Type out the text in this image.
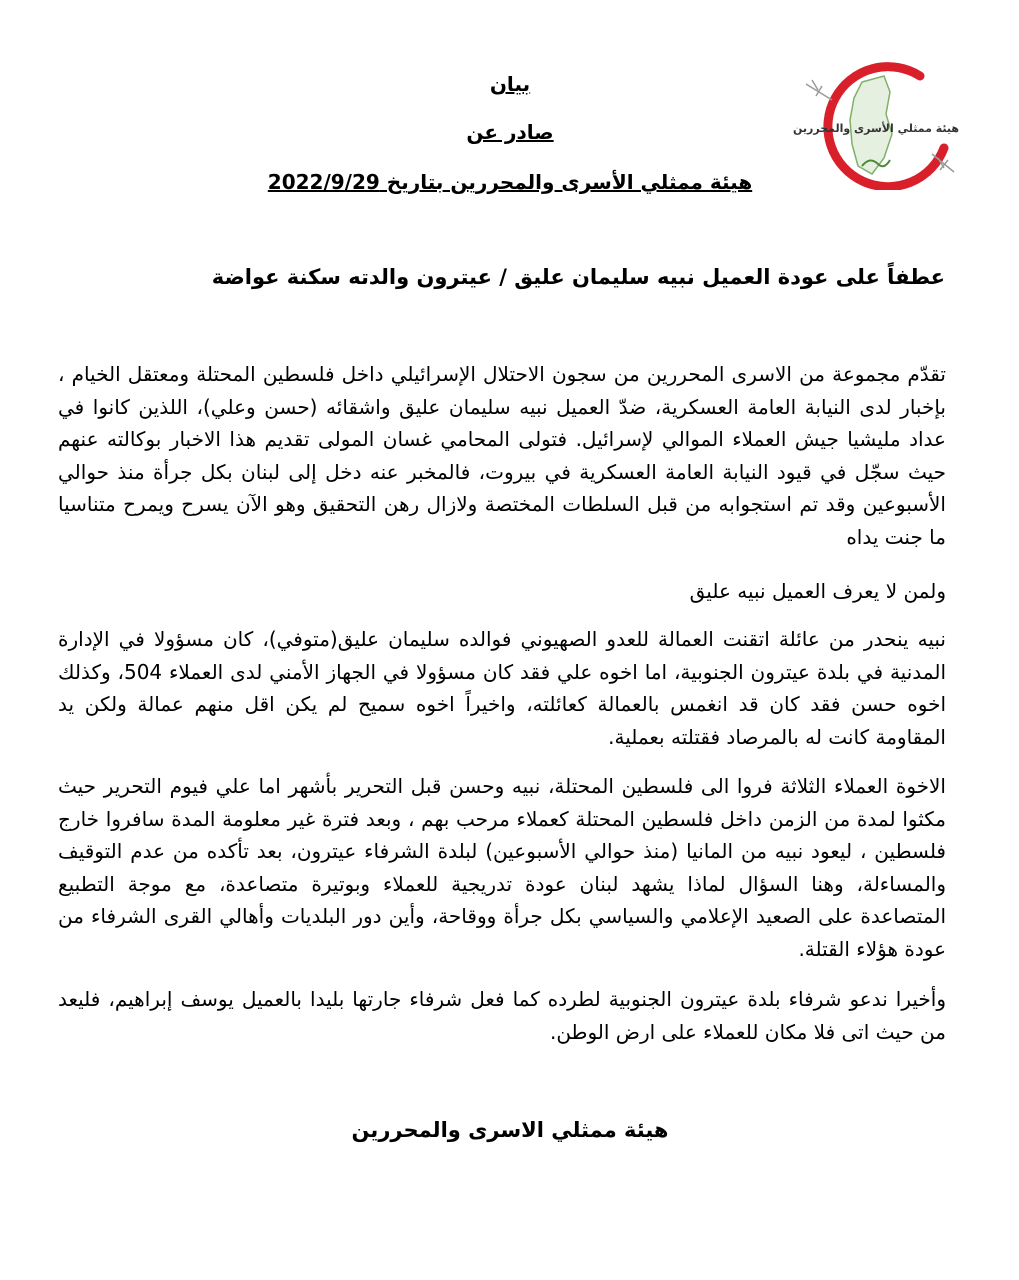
بيان
صادر عن
هيئة ممثلي الأسرى والمحررين بتاريخ 2022/9/29
هيئة ممثلي الأسرى والمحررين
عطفاً على عودة العميل نبيه سليمان عليق / عيترون والدته سكنة عواضة
تقدّم مجموعة من الاسرى المحررين من سجون الاحتلال الإسرائيلي داخل فلسطين المحتلة ومعتقل الخيام ، بإخبار لدى النيابة العامة العسكرية، ضدّ العميل نبيه سليمان عليق واشقائه (حسن وعلي)، اللذين كانوا في عداد مليشيا جيش العملاء الموالي لإسرائيل. فتولى المحامي غسان المولى تقديم هذا الاخبار بوكالته عنهم حيث سجّل في قيود النيابة العامة العسكرية في بيروت، فالمخبر عنه دخل إلى لبنان بكل جرأة منذ حوالي الأسبوعين وقد تم استجوابه من قبل السلطات المختصة ولازال رهن التحقيق وهو الآن يسرح ويمرح متناسيا ما جنت يداه
ولمن لا يعرف العميل نبيه عليق
نبيه ينحدر من عائلة اتقنت العمالة للعدو الصهيوني فوالده سليمان عليق(متوفي)، كان مسؤولا في الإدارة المدنية في بلدة عيترون الجنوبية، اما اخوه علي فقد كان مسؤولا في الجهاز الأمني لدى العملاء 504، وكذلك اخوه حسن فقد كان قد انغمس بالعمالة كعائلته، واخيراً اخوه سميح لم يكن اقل منهم عمالة ولكن يد المقاومة كانت له بالمرصاد فقتلته بعملية.
الاخوة العملاء الثلاثة فروا الى فلسطين المحتلة، نبيه وحسن قبل التحرير بأشهر اما علي فيوم التحرير حيث مكثوا لمدة من الزمن داخل فلسطين المحتلة كعملاء مرحب بهم ، وبعد فترة غير معلومة المدة سافروا خارج فلسطين ، ليعود نبيه من المانيا (منذ حوالي الأسبوعين) لبلدة الشرفاء عيترون، بعد تأكده من عدم التوقيف والمساءلة، وهنا السؤال لماذا يشهد لبنان عودة تدريجية للعملاء وبوتيرة متصاعدة، مع موجة التطبيع المتصاعدة على الصعيد الإعلامي والسياسي بكل جرأة ووقاحة، وأين دور البلديات وأهالي القرى الشرفاء من عودة هؤلاء القتلة.
وأخيرا ندعو شرفاء بلدة عيترون الجنوبية لطرده كما فعل شرفاء جارتها بليدا بالعميل يوسف إبراهيم، فليعد من حيث اتى فلا مكان للعملاء على ارض الوطن.
هيئة ممثلي الاسرى والمحررين
